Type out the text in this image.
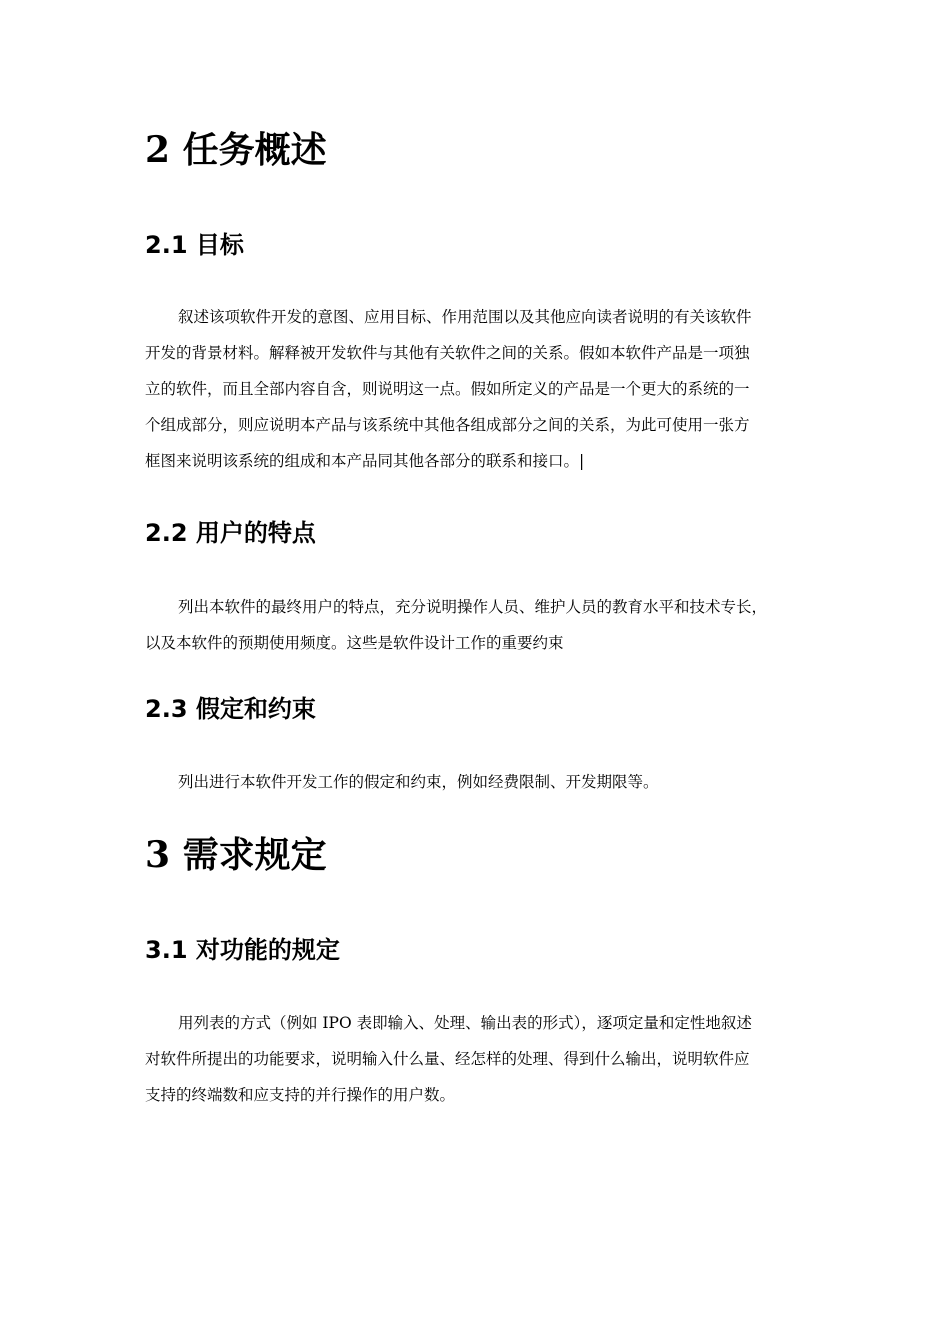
2 任务概述
2.1 目标
叙述该项软件开发的意图、应用目标、作用范围以及其他应向读者说明的有关该软件
开发的背景材料。解释被开发软件与其他有关软件之间的关系。假如本软件产品是一项独
立的软件，而且全部内容自含，则说明这一点。假如所定义的产品是一个更大的系统的一
个组成部分，则应说明本产品与该系统中其他各组成部分之间的关系，为此可使用一张方
框图来说明该系统的组成和本产品同其他各部分的联系和接口。|
2.2 用户的特点
列出本软件的最终用户的特点，充分说明操作人员、维护人员的教育水平和技术专长，
以及本软件的预期使用频度。这些是软件设计工作的重要约束
2.3 假定和约束
列出进行本软件开发工作的假定和约束，例如经费限制、开发期限等。
3 需求规定
3.1 对功能的规定
用列表的方式（例如 IPO 表即输入、处理、输出表的形式），逐项定量和定性地叙述
对软件所提出的功能要求，说明输入什么量、经怎样的处理、得到什么输出，说明软件应
支持的终端数和应支持的并行操作的用户数。
